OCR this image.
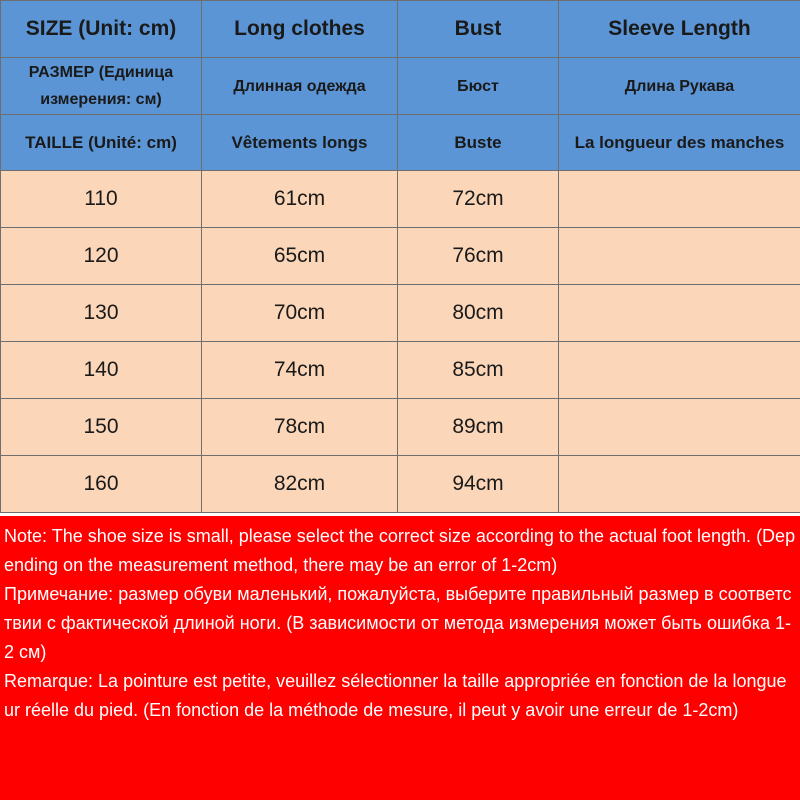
SIZE (Unit: cm)	Long clothes	Bust	Sleeve Length
РАЗМЕР (Единица измерения: см)	Длинная одежда	Бюст	Длина Рукава
TAILLE (Unité: cm)	Vêtements longs	Buste	La longueur des manches
110	61cm	72cm	
120	65cm	76cm	
130	70cm	80cm	
140	74cm	85cm	
150	78cm	89cm	
160	82cm	94cm	

Note: The shoe size is small, please select the correct size according to the actual foot length. (Depending on the measurement method, there may be an error of 1-2cm)

Примечание: размер обуви маленький, пожалуйста, выберите правильный размер в соответствии с фактической длиной ноги. (В зависимости от метода измерения может быть ошибка 1-2 см)

Remarque: La pointure est petite, veuillez sélectionner la taille appropriée en fonction de la longueur réelle du pied. (En fonction de la méthode de mesure, il peut y avoir une erreur de 1-2cm)
